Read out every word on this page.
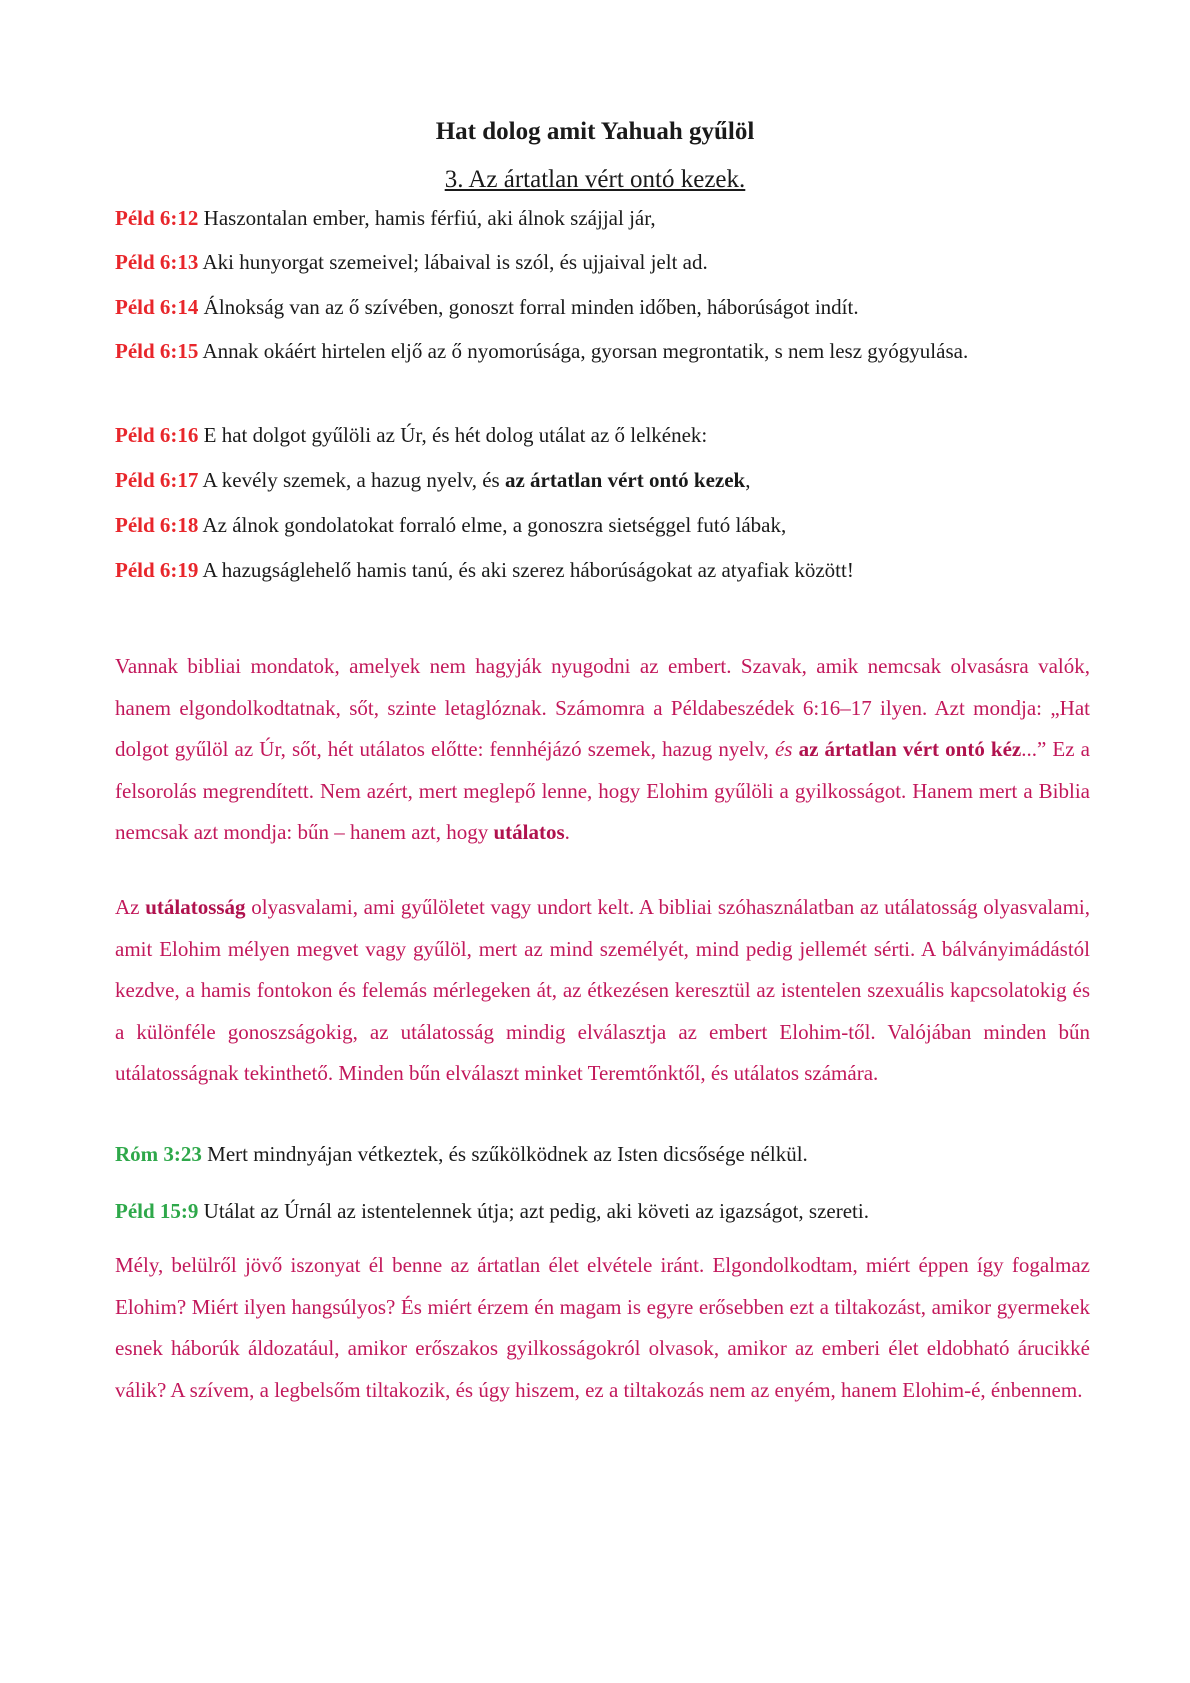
Hat dolog amit Yahuah gyűlöl
3. Az ártatlan vért ontó kezek.
Péld 6:12 Haszontalan ember, hamis férfiú, aki álnok szájjal jár,
Péld 6:13 Aki hunyorgat szemeivel; lábaival is szól, és ujjaival jelt ad.
Péld 6:14 Álnokság van az ő szívében, gonoszt forral minden időben, háborúságot indít.
Péld 6:15 Annak okáért hirtelen eljő az ő nyomorúsága, gyorsan megrontatik, s nem lesz gyógyulása.
Péld 6:16 E hat dolgot gyűlöli az Úr, és hét dolog utálat az ő lelkének:
Péld 6:17 A kevély szemek, a hazug nyelv, és az ártatlan vért ontó kezek,
Péld 6:18 Az álnok gondolatokat forraló elme, a gonoszra sietséggel futó lábak,
Péld 6:19 A hazugságlehelő hamis tanú, és aki szerez háborúságokat az atyafiak között!
Vannak bibliai mondatok, amelyek nem hagyják nyugodni az embert. Szavak, amik nemcsak olvasásra valók, hanem elgondolkodtatnak, sőt, szinte letaglóznak. Számomra a Példabeszédek 6:16–17 ilyen. Azt mondja: „Hat dolgot gyűlöl az Úr, sőt, hét utálatos előtte: fennhéjázó szemek, hazug nyelv, és az ártatlan vért ontó kéz...” Ez a felsorolás megrendített. Nem azért, mert meglepő lenne, hogy Elohim gyűlöli a gyilkosságot. Hanem mert a Biblia nemcsak azt mondja: bűn – hanem azt, hogy utálatos.
Az utálatosság olyasvalami, ami gyűlöletet vagy undort kelt. A bibliai szóhasználatban az utálatosság olyasvalami, amit Elohim mélyen megvet vagy gyűlöl, mert az mind személyét, mind pedig jellemét sérti. A bálványimádástól kezdve, a hamis fontokon és felemás mérlegeken át, az étkezésen keresztül az istentelen szexuális kapcsolatokig és a különféle gonoszságokig, az utálatosság mindig elválasztja az embert Elohim-től. Valójában minden bűn utálatosságnak tekinthető. Minden bűn elválaszt minket Teremtőnktől, és utálatos számára.
Róm 3:23 Mert mindnyájan vétkeztek, és szűkölködnek az Isten dicsősége nélkül.
Péld 15:9 Utálat az Úrnál az istentelennek útja; azt pedig, aki követi az igazságot, szereti.
Mély, belülről jövő iszonyat él benne az ártatlan élet elvétele iránt. Elgondolkodtam, miért éppen így fogalmaz Elohim? Miért ilyen hangsúlyos? És miért érzem én magam is egyre erősebben ezt a tiltakozást, amikor gyermekek esnek háborúk áldozatául, amikor erőszakos gyilkosságokról olvasok, amikor az emberi élet eldobható árucikké válik? A szívem, a legbelsőm tiltakozik, és úgy hiszem, ez a tiltakozás nem az enyém, hanem Elohim-é, énbennem.
